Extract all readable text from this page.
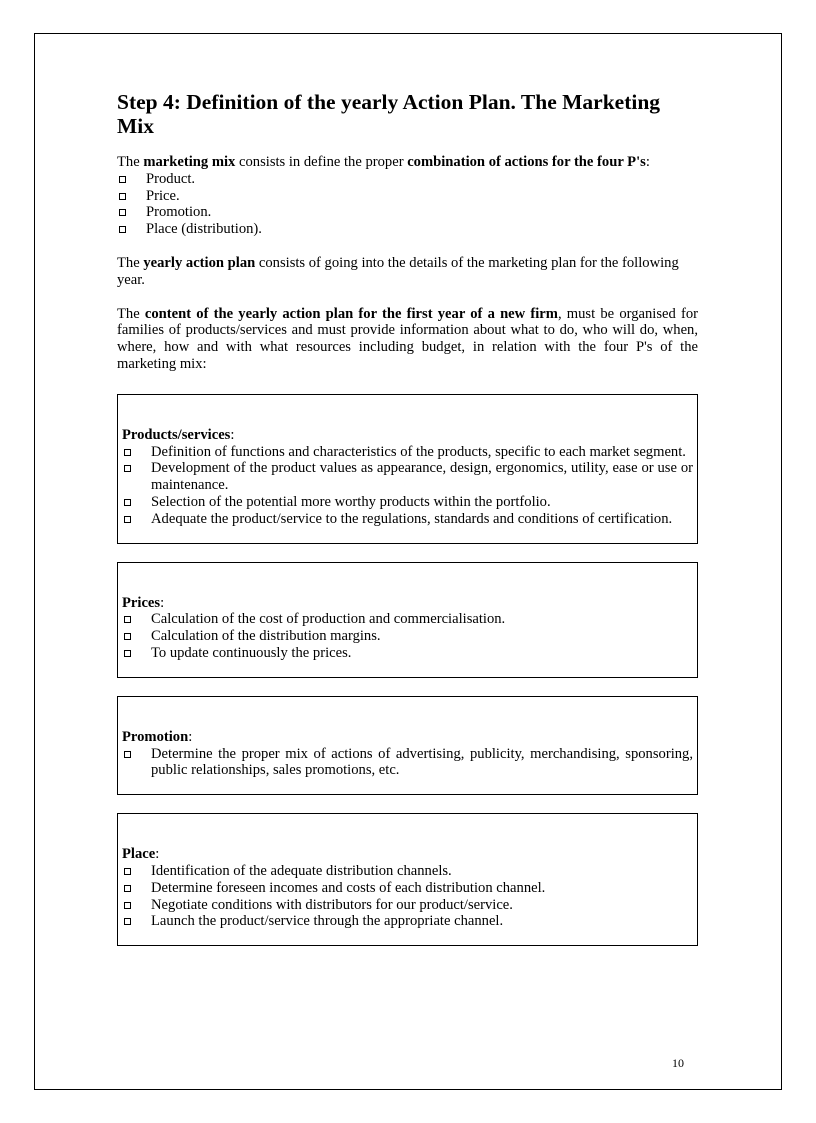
Step 4: Definition of the yearly Action Plan. The Marketing Mix

The marketing mix consists in define the proper combination of actions for the four P's:

Product.
Price.
Promotion.
Place (distribution).

The yearly action plan consists of going into the details of the marketing plan for the following year.

The content of the yearly action plan for the first year of a new firm, must be organised for families of products/services and must provide information about what to do, who will do, when, where, how and with what resources including budget, in relation with the four P's of the marketing mix:

Products/services:
Definition of functions and characteristics of the products, specific to each market segment.
Development of the product values as appearance, design, ergonomics, utility, ease or use or maintenance.
Selection of the potential more worthy products within the portfolio.
Adequate the product/service to the regulations, standards and conditions of certification.
Prices:
Calculation of the cost of production and commercialisation.
Calculation of the distribution margins.
To update continuously the prices.
Promotion:
Determine the proper mix of actions of advertising, publicity, merchandising, sponsoring, public relationships, sales promotions, etc.
Place:
Identification of the adequate distribution channels.
Determine foreseen incomes and costs of each distribution channel.
Negotiate conditions with distributors for our product/service.
Launch the product/service through the appropriate channel.
10
